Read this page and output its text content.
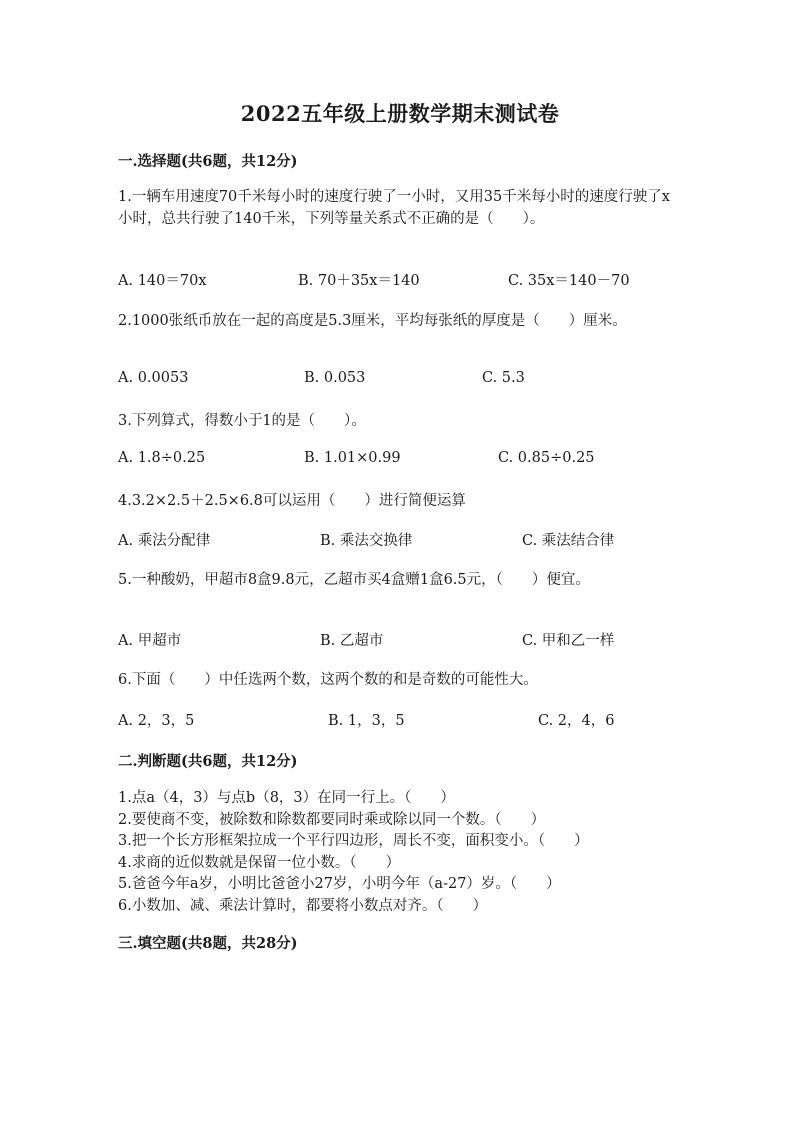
2022五年级上册数学期末测试卷
一.选择题(共6题，共12分)
1.一辆车用速度70千米每小时的速度行驶了一小时，又用35千米每小时的速度行驶了x小时，总共行驶了140千米，下列等量关系式不正确的是（　　）。
A. 140＝70x	B. 70＋35x＝140	C. 35x＝140－70
2.1000张纸币放在一起的高度是5.3厘米，平均每张纸的厚度是（　　）厘米。
A. 0.0053	B. 0.053	C. 5.3
3.下列算式，得数小于1的是（　　）。
A. 1.8÷0.25	B. 1.01×0.99	C. 0.85÷0.25
4.3.2×2.5＋2.5×6.8可以运用（　　）进行简便运算
A. 乘法分配律	B. 乘法交换律	C. 乘法结合律
5.一种酸奶，甲超市8盒9.8元，乙超市买4盒赠1盒6.5元，（　　）便宜。
A. 甲超市	B. 乙超市	C. 甲和乙一样
6.下面（　　）中任选两个数，这两个数的和是奇数的可能性大。
A. 2，3，5	B. 1，3，5	C. 2，4，6
二.判断题(共6题，共12分)
1.点a（4，3）与点b（8，3）在同一行上。（　　）
2.要使商不变，被除数和除数都要同时乘或除以同一个数。（　　）
3.把一个长方形框架拉成一个平行四边形，周长不变，面积变小。（　　）
4.求商的近似数就是保留一位小数。（　　）
5.爸爸今年a岁，小明比爸爸小27岁，小明今年（a-27）岁。（　　）
6.小数加、减、乘法计算时，都要将小数点对齐。（　　）
三.填空题(共8题，共28分)
